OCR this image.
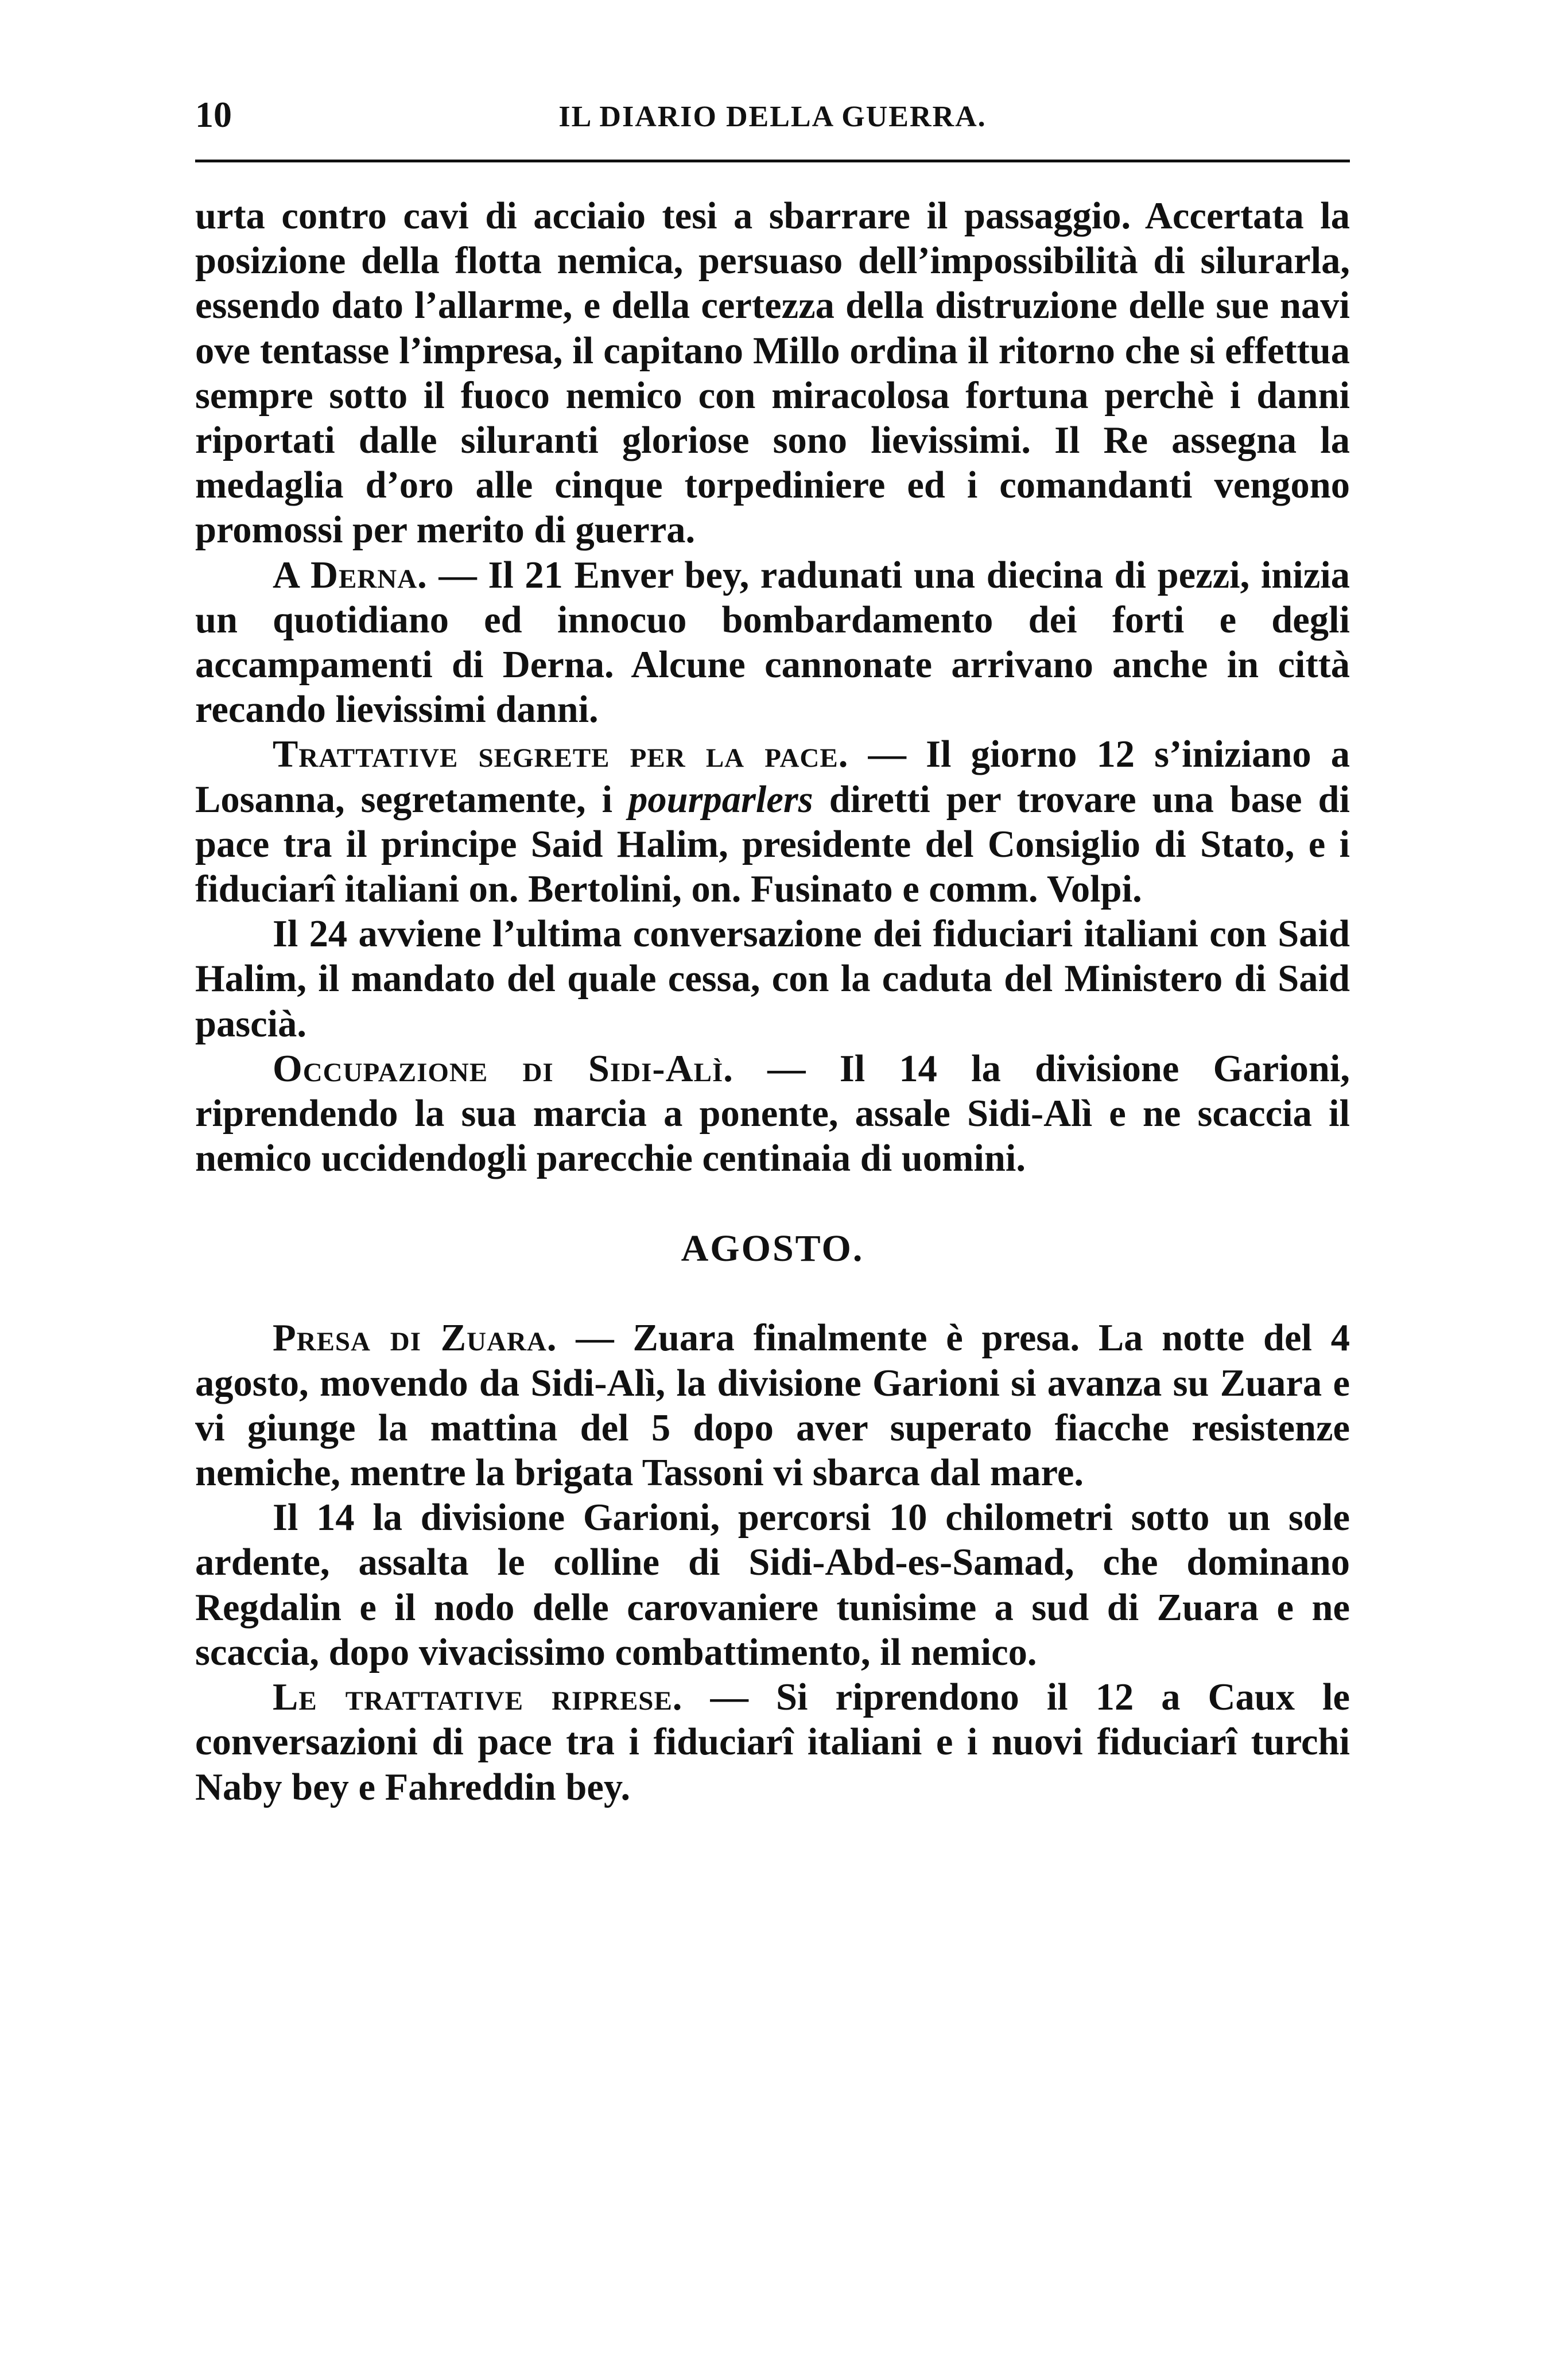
10	IL DIARIO DELLA GUERRA.

urta contro cavi di acciaio tesi a sbarrare il passaggio. Accertata la posizione della flotta nemica, persuaso dell’impossibilità di silurarla, essendo dato l’allarme, e della certezza della distruzione delle sue navi ove tentasse l’impresa, il capitano Millo ordina il ritorno che si effettua sempre sotto il fuoco nemico con miracolosa fortuna perchè i danni riportati dalle siluranti gloriose sono lievissimi. Il Re assegna la medaglia d’oro alle cinque torpediniere ed i comandanti vengono promossi per merito di guerra.

A Derna. — Il 21 Enver bey, radunati una diecina di pezzi, inizia un quotidiano ed innocuo bombardamento dei forti e degli accampamenti di Derna. Alcune cannonate arrivano anche in città recando lievissimi danni.

Trattative segrete per la pace. — Il giorno 12 s’iniziano a Losanna, segretamente, i pourparlers diretti per trovare una base di pace tra il principe Said Halim, presidente del Consiglio di Stato, e i fiduciarî italiani on. Bertolini, on. Fusinato e comm. Volpi.

Il 24 avviene l’ultima conversazione dei fiduciari italiani con Said Halim, il mandato del quale cessa, con la caduta del Ministero di Said pascià.

Occupazione di Sidi-Alì. — Il 14 la divisione Garioni, riprendendo la sua marcia a ponente, assale Sidi-Alì e ne scaccia il nemico uccidendogli parecchie centinaia di uomini.

AGOSTO.

Presa di Zuara. — Zuara finalmente è presa. La notte del 4 agosto, movendo da Sidi-Alì, la divisione Garioni si avanza su Zuara e vi giunge la mattina del 5 dopo aver superato fiacche resistenze nemiche, mentre la brigata Tassoni vi sbarca dal mare.

Il 14 la divisione Garioni, percorsi 10 chilometri sotto un sole ardente, assalta le colline di Sidi-Abd-es-Samad, che dominano Regdalin e il nodo delle carovaniere tunisime a sud di Zuara e ne scaccia, dopo vivacissimo combattimento, il nemico.

Le trattative riprese. — Si riprendono il 12 a Caux le conversazioni di pace tra i fiduciarî italiani e i nuovi fiduciarî turchi Naby bey e Fahreddin bey.
